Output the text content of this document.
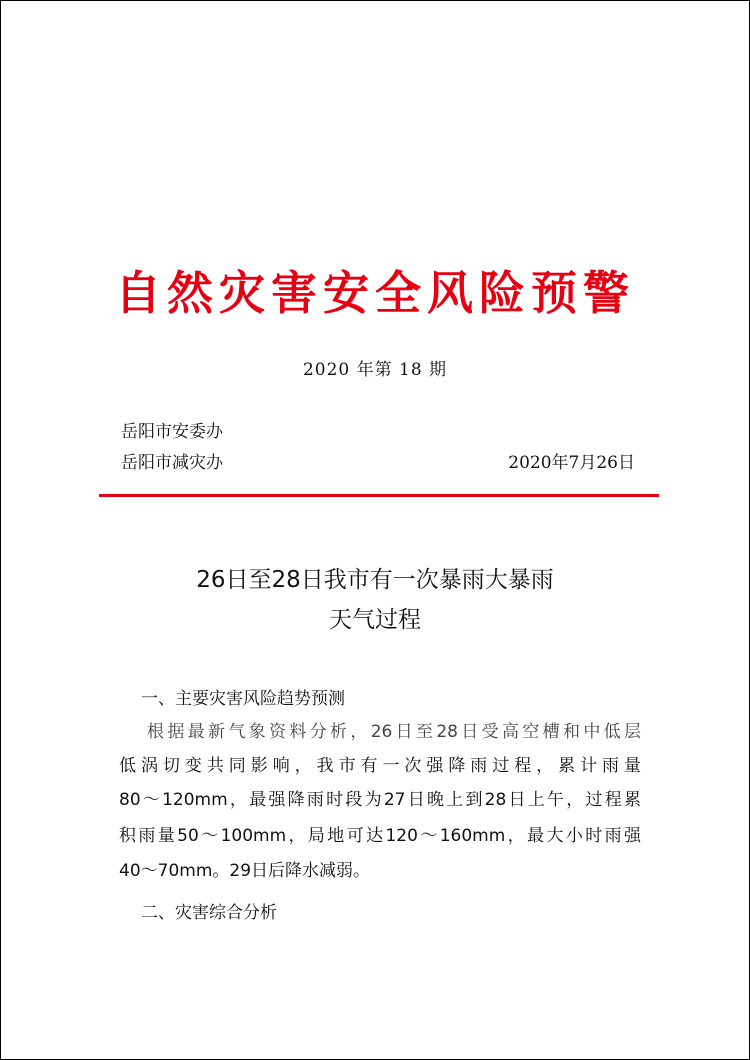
自然灾害安全风险预警
2020 年第 18 期
岳阳市安委办
岳阳市减灾办	2020年7月26日
26日至28日我市有一次暴雨大暴雨
天气过程
一、主要灾害风险趋势预测
根据最新气象资料分析，26日至28日受高空槽和中低层
低涡切变共同影响，我市有一次强降雨过程，累计雨量
80～120mm，最强降雨时段为27日晚上到28日上午，过程累
积雨量50～100mm，局地可达120～160mm，最大小时雨强
40～70mm。29日后降水减弱。
二、灾害综合分析
